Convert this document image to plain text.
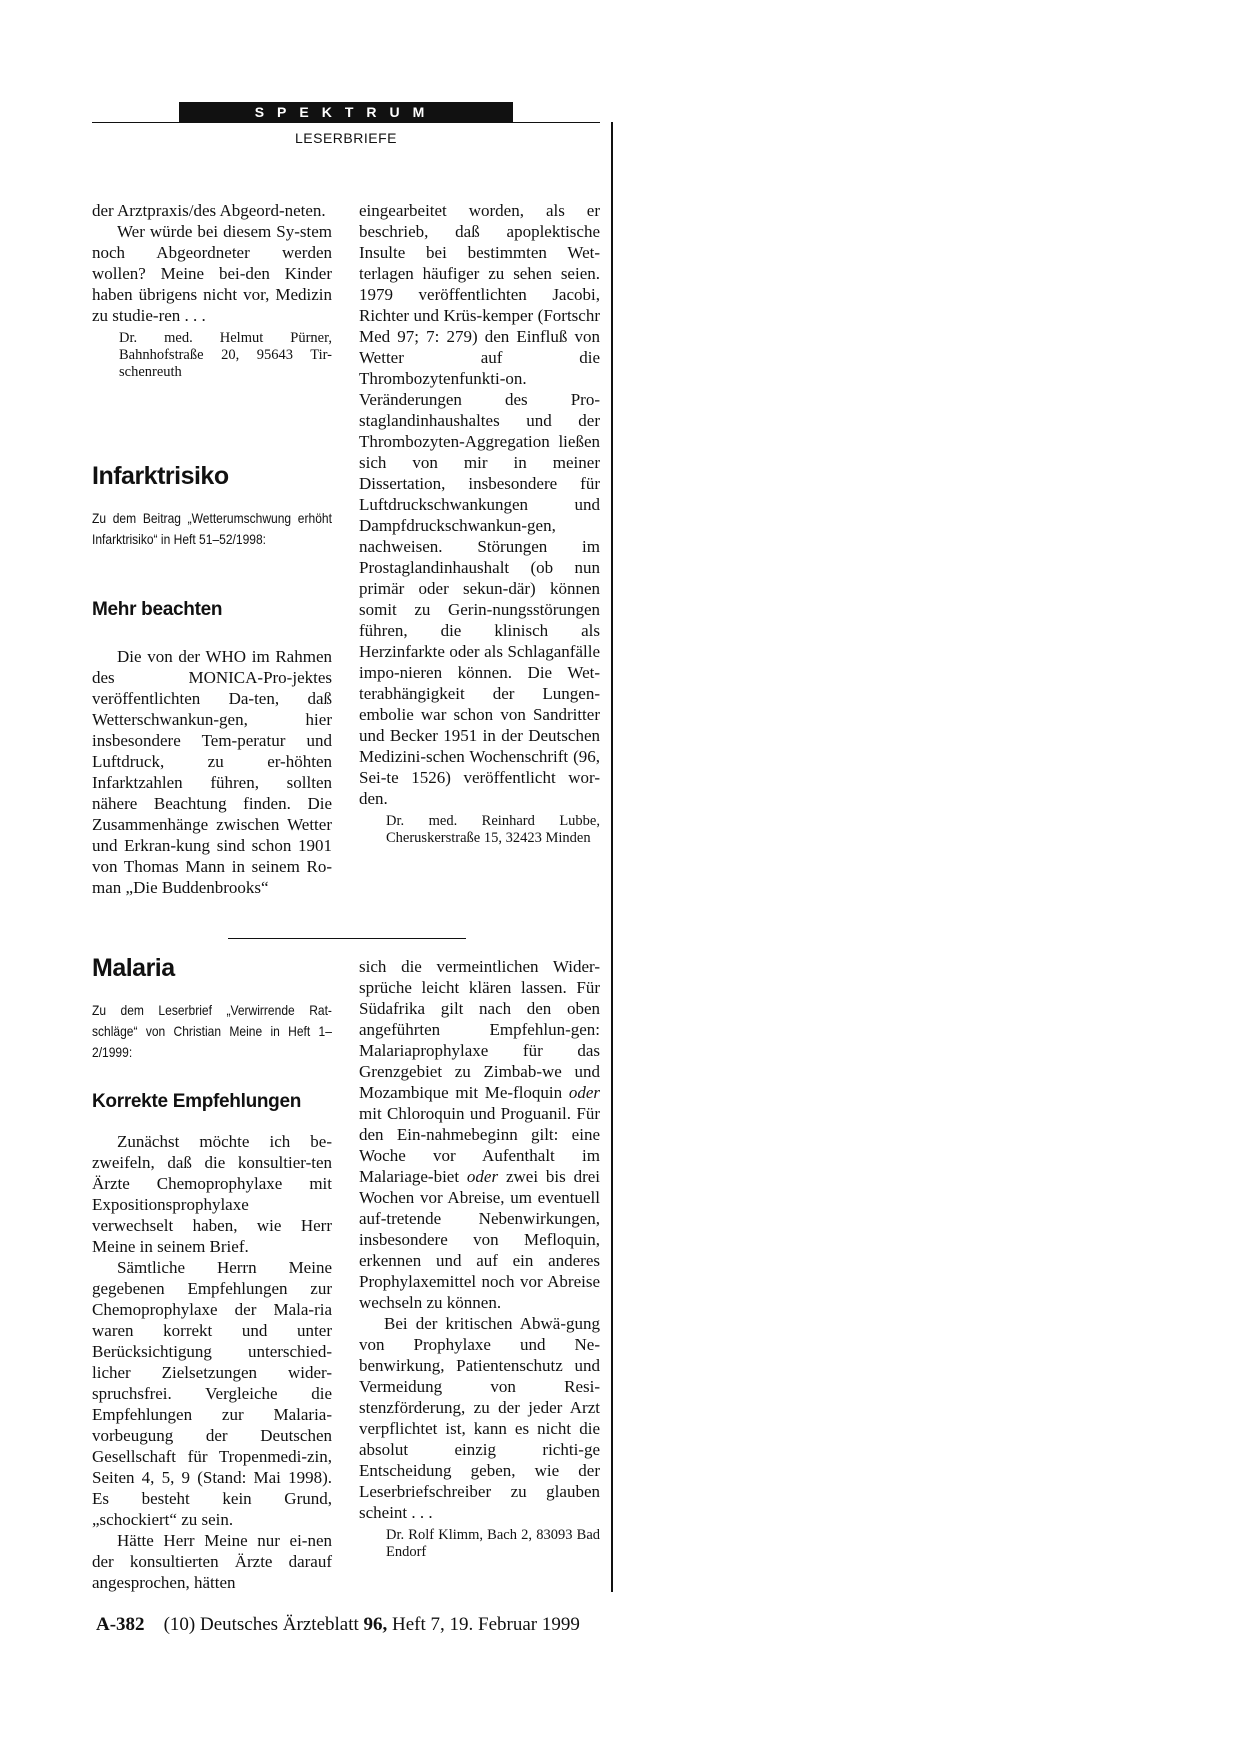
SPEKTRUM
LESERBRIEFE

der Arztpraxis/des Abgeord-neten.

Wer würde bei diesem Sy-stem noch Abgeordneter werden wollen? Meine bei-den Kinder haben übrigens nicht vor, Medizin zu studie-ren . . .

Dr. med. Helmut Pürner, Bahnhofstraße 20, 95643 Tir-schenreuth

Infarktrisiko

Zu dem Beitrag „Wetterumschwung erhöht Infarktrisiko“ in Heft 51–52/1998:

Mehr beachten

Die von der WHO im Rahmen des MONICA-Pro-jektes veröffentlichten Da-ten, daß Wetterschwankun-gen, hier insbesondere Tem-peratur und Luftdruck, zu er-höhten Infarktzahlen führen, sollten nähere Beachtung finden. Die Zusammenhänge zwischen Wetter und Erkran-kung sind schon 1901 von Thomas Mann in seinem Ro-man „Die Buddenbrooks“

eingearbeitet worden, als er beschrieb, daß apoplektische Insulte bei bestimmten Wet-terlagen häufiger zu sehen seien. 1979 veröffentlichten Jacobi, Richter und Krüs-kemper (Fortschr Med 97; 7: 279) den Einfluß von Wetter auf die Thrombozytenfunkti-on. Veränderungen des Pro-staglandinhaushaltes und der Thrombozyten-Aggregation ließen sich von mir in meiner Dissertation, insbesondere für Luftdruckschwankungen und Dampfdruckschwankun-gen, nachweisen. Störungen im Prostaglandinhaushalt (ob nun primär oder sekun-där) können somit zu Gerin-nungsstörungen führen, die klinisch als Herzinfarkte oder als Schlaganfälle impo-nieren können. Die Wet-terabhängigkeit der Lungen-embolie war schon von Sandritter und Becker 1951 in der Deutschen Medizini-schen Wochenschrift (96, Sei-te 1526) veröffentlicht wor-den.

Dr. med. Reinhard Lubbe, Cheruskerstraße 15, 32423 Minden

Malaria

Zu dem Leserbrief „Verwirrende Rat-schläge“ von Christian Meine in Heft 1–2/1999:

Korrekte Empfehlungen

Zunächst möchte ich be-zweifeln, daß die konsultier-ten Ärzte Chemoprophylaxe mit Expositionsprophylaxe verwechselt haben, wie Herr Meine in seinem Brief.

Sämtliche Herrn Meine gegebenen Empfehlungen zur Chemoprophylaxe der Mala-ria waren korrekt und unter Berücksichtigung unterschied-licher Zielsetzungen wider-spruchsfrei. Vergleiche die Empfehlungen zur Malaria-vorbeugung der Deutschen Gesellschaft für Tropenmedi-zin, Seiten 4, 5, 9 (Stand: Mai 1998). Es besteht kein Grund, „schockiert“ zu sein.

Hätte Herr Meine nur ei-nen der konsultierten Ärzte darauf angesprochen, hätten

sich die vermeintlichen Wider-sprüche leicht klären lassen. Für Südafrika gilt nach den oben angeführten Empfehlun-gen: Malariaprophylaxe für das Grenzgebiet zu Zimbab-we und Mozambique mit Me-floquin oder mit Chloroquin und Proguanil. Für den Ein-nahmebeginn gilt: eine Woche vor Aufenthalt im Malariage-biet oder zwei bis drei Wochen vor Abreise, um eventuell auf-tretende Nebenwirkungen, insbesondere von Mefloquin, erkennen und auf ein anderes Prophylaxemittel noch vor Abreise wechseln zu können.

Bei der kritischen Abwä-gung von Prophylaxe und Ne-benwirkung, Patientenschutz und Vermeidung von Resi-stenzförderung, zu der jeder Arzt verpflichtet ist, kann es nicht die absolut einzig richti-ge Entscheidung geben, wie der Leserbriefschreiber zu glauben scheint . . .

Dr. Rolf Klimm, Bach 2, 83093 Bad Endorf

A-382 (10) Deutsches Ärzteblatt 96, Heft 7, 19. Februar 1999
